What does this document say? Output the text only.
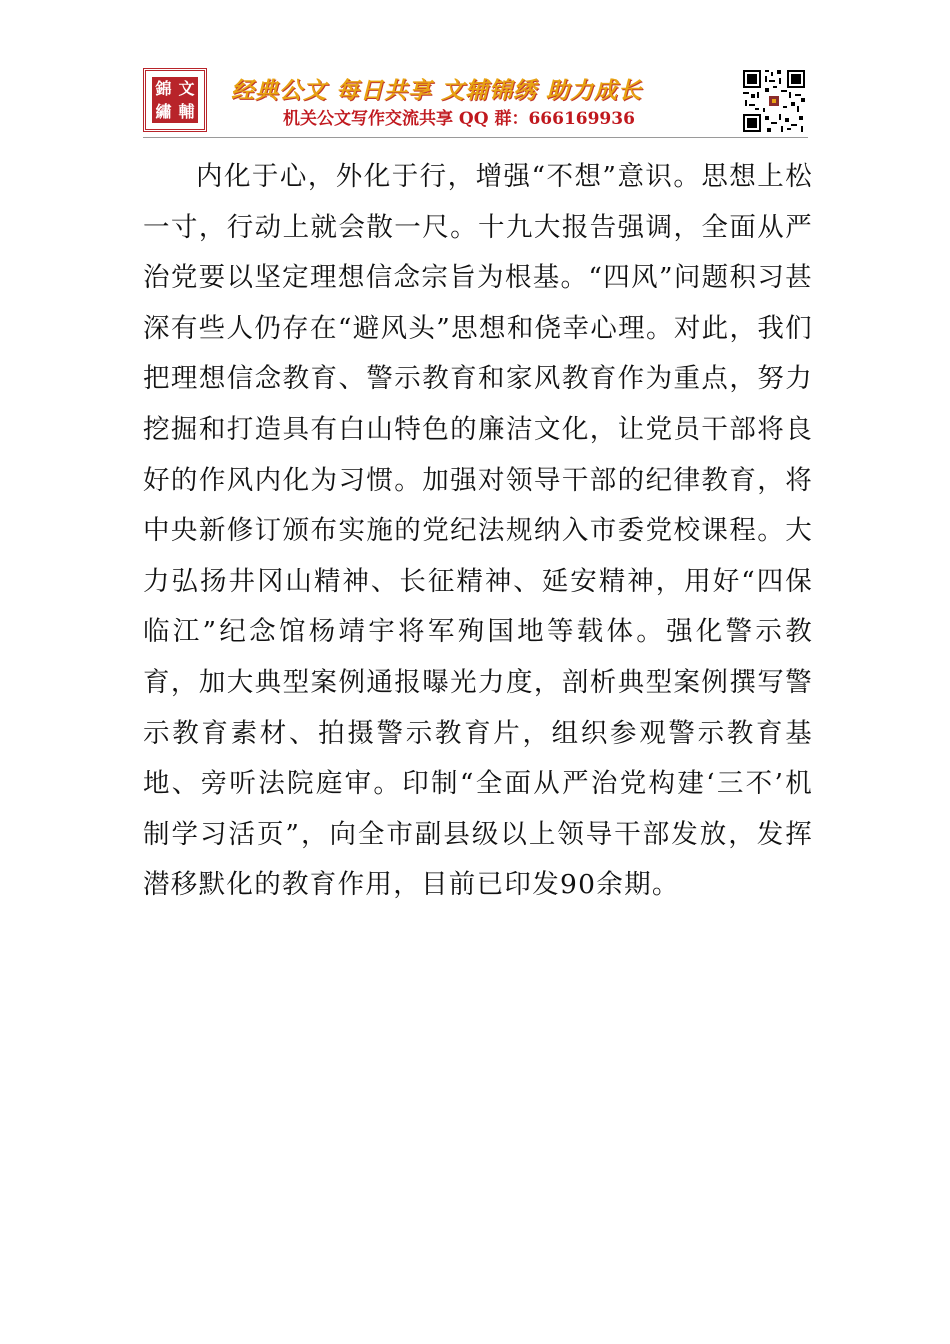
錦 文
繡 輔
经典公文 每日共享 文辅锦绣 助力成长
机关公文写作交流共享 QQ 群：666169936

内化于心，外化于行，增强“不想”意识。思想上松一寸，行动上就会散一尺。十九大报告强调，全面从严治党要以坚定理想信念宗旨为根基。“四风”问题积习甚深有些人仍存在“避风头”思想和侥幸心理。对此，我们把理想信念教育、警示教育和家风教育作为重点，努力挖掘和打造具有白山特色的廉洁文化，让党员干部将良好的作风内化为习惯。加强对领导干部的纪律教育，将中央新修订颁布实施的党纪法规纳入市委党校课程。大力弘扬井冈山精神、长征精神、延安精神，用好“四保临江”纪念馆杨靖宇将军殉国地等载体。强化警示教育，加大典型案例通报曝光力度，剖析典型案例撰写警示教育素材、拍摄警示教育片，组织参观警示教育基地、旁听法院庭审。印制“全面从严治党构建‘三不’机制学习活页”，向全市副县级以上领导干部发放，发挥潜移默化的教育作用，目前已印发90余期。
